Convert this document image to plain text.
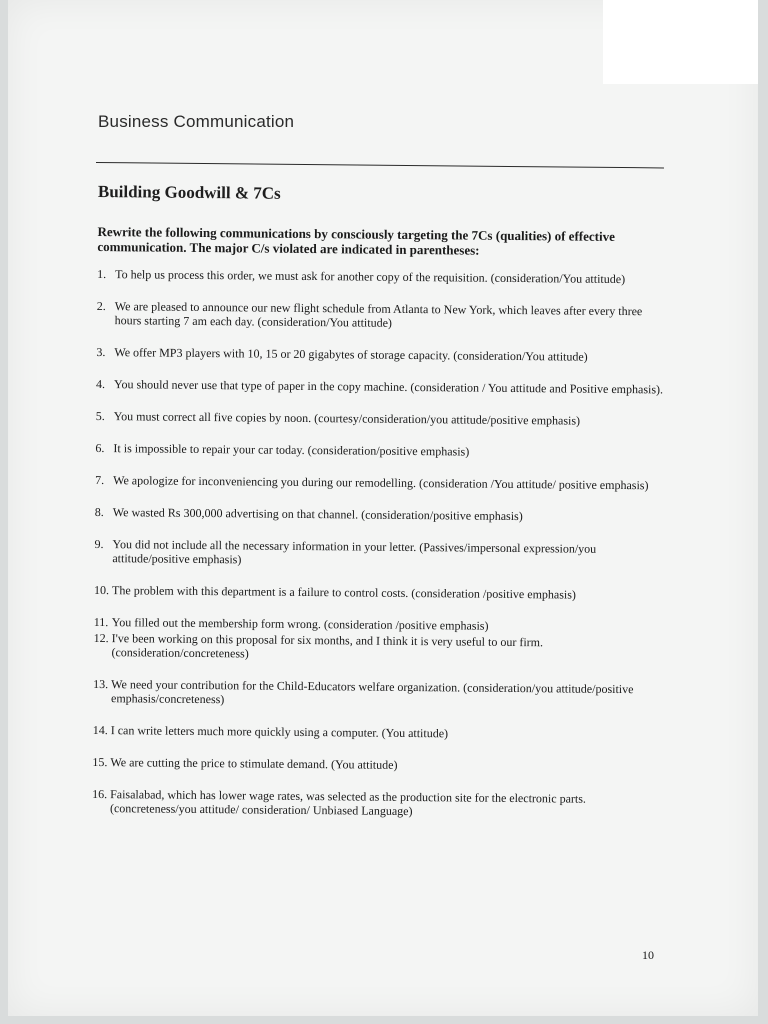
Business Communication
Building Goodwill & 7Cs
Rewrite the following communications by consciously targeting the 7Cs (qualities) of effective communication. The major C/s violated are indicated in parentheses:
1. To help us process this order, we must ask for another copy of the requisition. (consideration/You attitude)
2. We are pleased to announce our new flight schedule from Atlanta to New York, which leaves after every three hours starting 7 am each day. (consideration/You attitude)
3. We offer MP3 players with 10, 15 or 20 gigabytes of storage capacity. (consideration/You attitude)
4. You should never use that type of paper in the copy machine. (consideration / You attitude and Positive emphasis).
5. You must correct all five copies by noon. (courtesy/consideration/you attitude/positive emphasis)
6. It is impossible to repair your car today. (consideration/positive emphasis)
7. We apologize for inconveniencing you during our remodelling. (consideration /You attitude/ positive emphasis)
8. We wasted Rs 300,000 advertising on that channel. (consideration/positive emphasis)
9. You did not include all the necessary information in your letter. (Passives/impersonal expression/you attitude/positive emphasis)
10. The problem with this department is a failure to control costs. (consideration /positive emphasis)
11. You filled out the membership form wrong. (consideration /positive emphasis)
12. I've been working on this proposal for six months, and I think it is very useful to our firm. (consideration/concreteness)
13. We need your contribution for the Child-Educators welfare organization. (consideration/you attitude/positive emphasis/concreteness)
14. I can write letters much more quickly using a computer. (You attitude)
15. We are cutting the price to stimulate demand. (You attitude)
16. Faisalabad, which has lower wage rates, was selected as the production site for the electronic parts. (concreteness/you attitude/ consideration/ Unbiased Language)
10
